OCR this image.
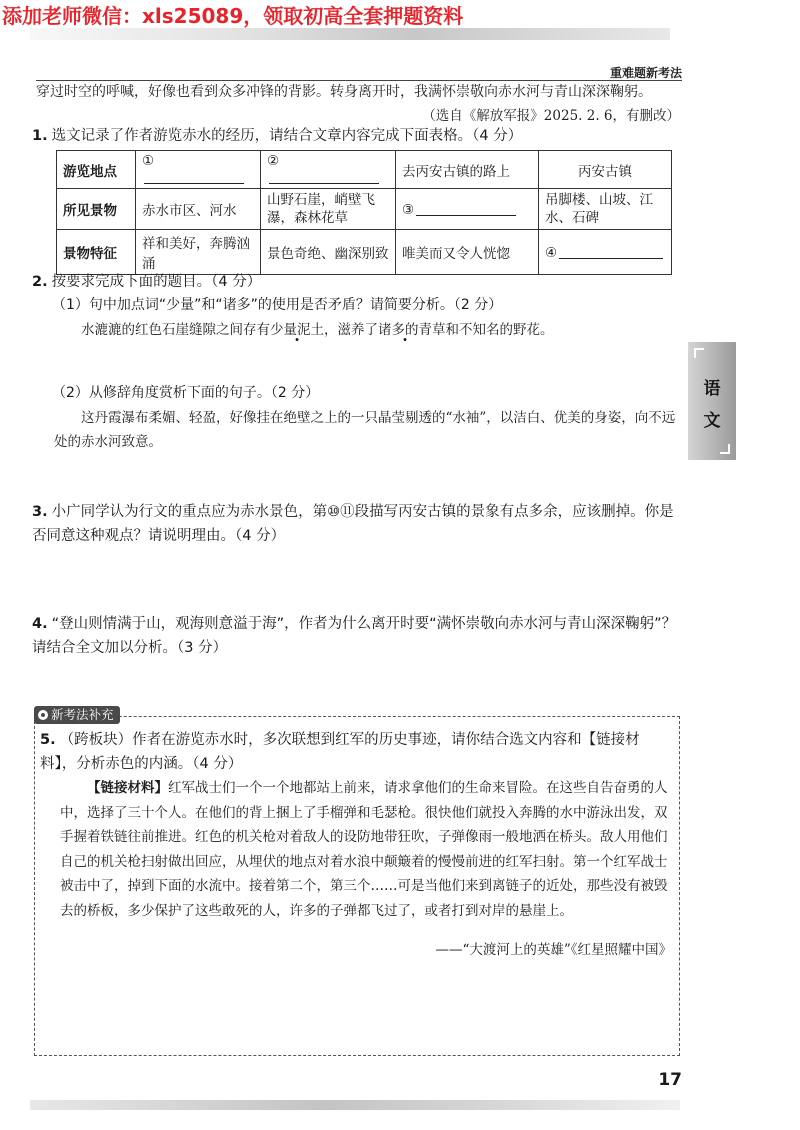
添加老师微信：xls25089，领取初高全套押题资料
重难题新考法
穿过时空的呼喊，好像也看到众多冲锋的背影。转身离开时，我满怀崇敬向赤水河与青山深深鞠躬。
（选自《解放军报》2025. 2. 6，有删改）
1. 选文记录了作者游览赤水的经历，请结合文章内容完成下面表格。（4 分）
游览地点	①	②	去丙安古镇的路上	丙安古镇
所见景物	赤水市区、河水	山野石崖，峭壁飞瀑，森林花草	③	吊脚楼、山坡、江水、石碑
景物特征	祥和美好，奔腾汹涌	景色奇绝、幽深别致	唯美而又令人恍惚	④
2. 按要求完成下面的题目。（4 分）
（1）句中加点词“少量”和“诸多”的使用是否矛盾？请简要分析。（2 分）
水漉漉的红色石崖缝隙之间存有少量泥土，滋养了诸多的青草和不知名的野花。
（2）从修辞角度赏析下面的句子。（2 分）
这丹霞瀑布柔媚、轻盈，好像挂在绝壁之上的一只晶莹剔透的“水袖”，以洁白、优美的身姿，向不远处的赤水河致意。
3. 小广同学认为行文的重点应为赤水景色，第⑩⑪段描写丙安古镇的景象有点多余，应该删掉。你是否同意这种观点？请说明理由。（4 分）
4. “登山则情满于山，观海则意溢于海”，作者为什么离开时要“满怀崇敬向赤水河与青山深深鞠躬”？请结合全文加以分析。（3 分）
语
文
新考法补充
5. （跨板块）作者在游览赤水时，多次联想到红军的历史事迹，请你结合选文内容和【链接材料】，分析赤色的内涵。（4 分）
【链接材料】红军战士们一个一个地都站上前来，请求拿他们的生命来冒险。在这些自告奋勇的人中，选择了三十个人。在他们的背上捆上了手榴弹和毛瑟枪。很快他们就投入奔腾的水中游泳出发，双手握着铁链往前推进。红色的机关枪对着敌人的设防地带狂吹，子弹像雨一般地洒在桥头。敌人用他们自己的机关枪扫射做出回应，从埋伏的地点对着水浪中颠簸着的慢慢前进的红军扫射。第一个红军战士被击中了，掉到下面的水流中。接着第二个，第三个……可是当他们来到离链子的近处，那些没有被毁去的桥板，多少保护了这些敢死的人，许多的子弹都飞过了，或者打到对岸的悬崖上。
——“大渡河上的英雄”《红星照耀中国》
17
